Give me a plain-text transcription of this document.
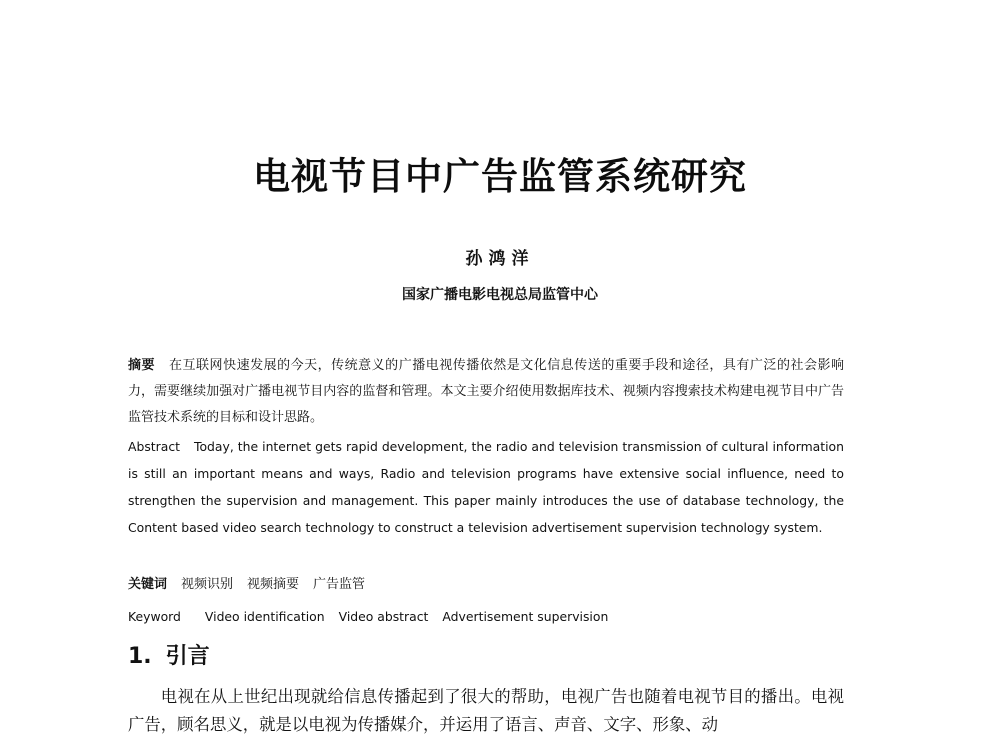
电视节目中广告监管系统研究

孙鸿洋

国家广播电影电视总局监管中心

摘要 在互联网快速发展的今天，传统意义的广播电视传播依然是文化信息传送的重要手段和途径，具有广泛的社会影响力，需要继续加强对广播电视节目内容的监督和管理。本文主要介绍使用数据库技术、视频内容搜索技术构建电视节目中广告监管技术系统的目标和设计思路。

Abstract Today, the internet gets rapid development, the radio and television transmission of cultural information is still an important means and ways, Radio and television programs have extensive social influence, need to strengthen the supervision and management. This paper mainly introduces the use of database technology, the Content based video search technology to construct a television advertisement supervision technology system.

关键词 视频识别 视频摘要 广告监管

Keyword Video identification Video abstract Advertisement supervision

1. 引言

电视在从上世纪出现就给信息传播起到了很大的帮助，电视广告也随着电视节目的播出。电视广告，顾名思义，就是以电视为传播媒介，并运用了语言、声音、文字、形象、动
